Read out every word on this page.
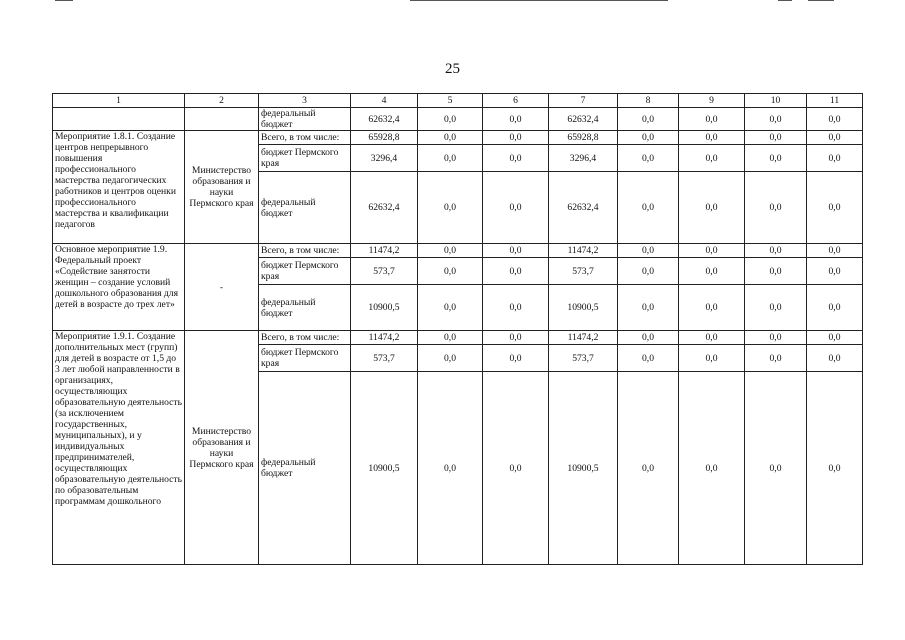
25
1	2	3	4	5	6	7	8	9	10	11
		федеральный бюджет	62632,4	0,0	0,0	62632,4	0,0	0,0	0,0	0,0
Мероприятие 1.8.1. Создание центров непрерывного повышения профессионального мастерства педагогических работников и центров оценки профессионального мастерства и квалификации педагогов	Министерство образования и науки Пермского края	Всего, в том числе:	65928,8	0,0	0,0	65928,8	0,0	0,0	0,0	0,0
		бюджет Пермского края	3296,4	0,0	0,0	3296,4	0,0	0,0	0,0	0,0
		федеральный бюджет	62632,4	0,0	0,0	62632,4	0,0	0,0	0,0	0,0
Основное мероприятие 1.9. Федеральный проект «Содействие занятости женщин – создание условий дошкольного образования для детей в возрасте до трех лет»	-	Всего, в том числе:	11474,2	0,0	0,0	11474,2	0,0	0,0	0,0	0,0
		бюджет Пермского края	573,7	0,0	0,0	573,7	0,0	0,0	0,0	0,0
		федеральный бюджет	10900,5	0,0	0,0	10900,5	0,0	0,0	0,0	0,0
Мероприятие 1.9.1. Создание дополнительных мест (групп) для детей в возрасте от 1,5 до 3 лет любой направленности в организациях, осуществляющих образовательную деятельность (за исключением государственных, муниципальных), и у индивидуальных предпринимателей, осуществляющих образовательную деятельность по образовательным программам дошкольного	Министерство образования и науки Пермского края	Всего, в том числе:	11474,2	0,0	0,0	11474,2	0,0	0,0	0,0	0,0
		бюджет Пермского края	573,7	0,0	0,0	573,7	0,0	0,0	0,0	0,0
		федеральный бюджет	10900,5	0,0	0,0	10900,5	0,0	0,0	0,0	0,0
